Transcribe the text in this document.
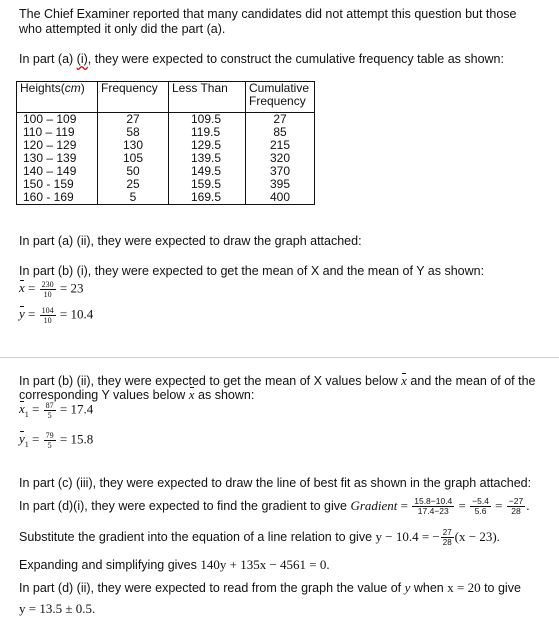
The Chief Examiner reported that many candidates did not attempt this question but those
who attempted it only did the part (a).
In part (a) (i), they were expected to construct the cumulative frequency table as shown:
Heights(cm)	Frequency	Less Than	Cumulative
Frequency
100 – 109	27	109.5	27
110 – 119	58	119.5	85
120 – 129	130	129.5	215
130 – 139	105	139.5	320
140 – 149	50	149.5	370
150 - 159	25	159.5	395
160 - 169	5	169.5	400
In part (a) (ii), they were expected to draw the graph attached:
In part (b) (i), they were expected to get the mean of X and the mean of Y as shown:
$x = \frac{230}{10} = 23$
$y = \frac{104}{10} = 10.4$
In part (b) (ii), they were expected to get the mean of X values below x and the mean of of the
corresponding Y values below x as shown:
$x_1 = \frac{87}{5} = 17.4$
$y_1 = \frac{79}{5} = 15.8$
In part (c) (iii), they were expected to draw the line of best fit as shown in the graph attached:
In part (d)(i), they were expected to find the gradient to give Gradient = $\frac{15.8-10.4}{17.4-23} = \frac{-5.4}{5.6} = \frac{-27}{28}$ .
Substitute the gradient into the equation of a line relation to give y − 10.4 = − $\frac{27}{28} (x - 23)$.
Expanding and simplifying gives 140y + 135x − 4561 = 0.
In part (d) (ii), they were expected to read from the graph the value of y when x = 20 to give
y = 13.5 ± 0.5.
